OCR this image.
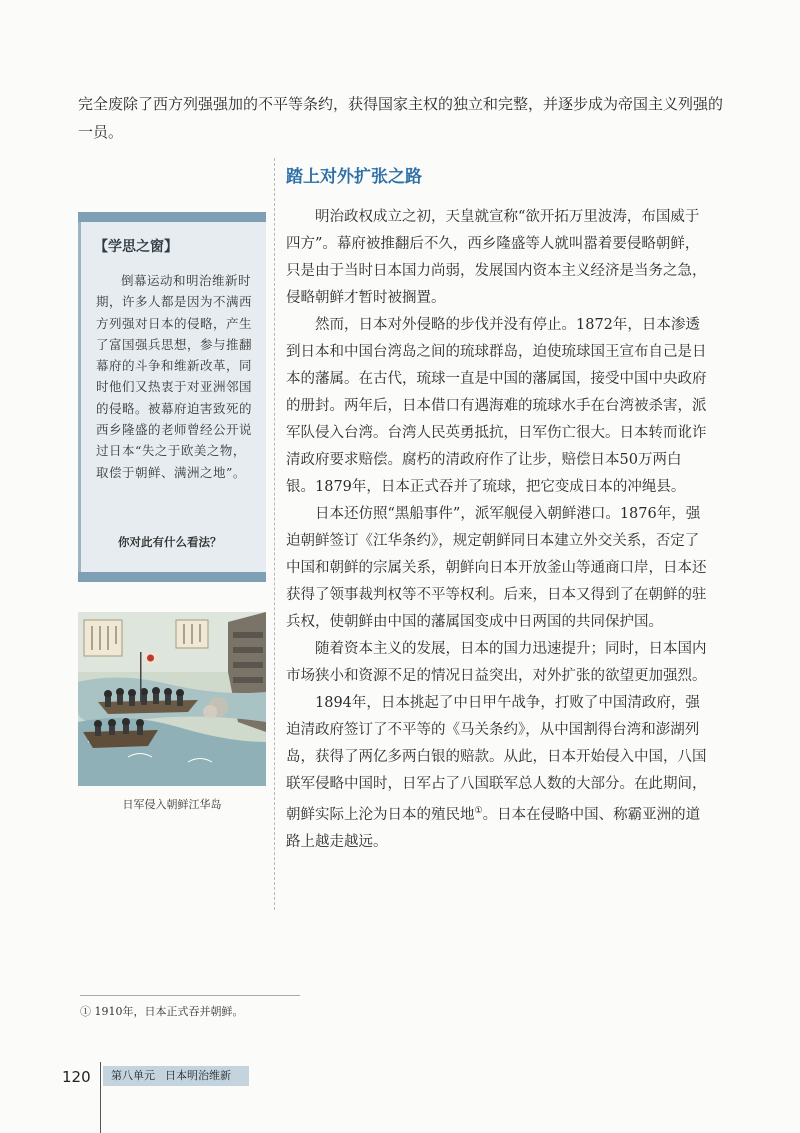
完全废除了西方列强强加的不平等条约，获得国家主权的独立和完整，并逐步成为帝国主义列强的一员。

踏上对外扩张之路

明治政权成立之初，天皇就宣称“欲开拓万里波涛，布国威于四方”。幕府被推翻后不久，西乡隆盛等人就叫嚣着要侵略朝鲜，只是由于当时日本国力尚弱，发展国内资本主义经济是当务之急，侵略朝鲜才暂时被搁置。

然而，日本对外侵略的步伐并没有停止。1872年，日本渗透到日本和中国台湾岛之间的琉球群岛，迫使琉球国王宣布自己是日本的藩属。在古代，琉球一直是中国的藩属国，接受中国中央政府的册封。两年后，日本借口有遇海难的琉球水手在台湾被杀害，派军队侵入台湾。台湾人民英勇抵抗，日军伤亡很大。日本转而讹诈清政府要求赔偿。腐朽的清政府作了让步，赔偿日本50万两白银。1879年，日本正式吞并了琉球，把它变成日本的冲绳县。

日本还仿照“黑船事件”，派军舰侵入朝鲜港口。1876年，强迫朝鲜签订《江华条约》，规定朝鲜同日本建立外交关系，否定了中国和朝鲜的宗属关系，朝鲜向日本开放釜山等通商口岸，日本还获得了领事裁判权等不平等权利。后来，日本又得到了在朝鲜的驻兵权，使朝鲜由中国的藩属国变成中日两国的共同保护国。

随着资本主义的发展，日本的国力迅速提升；同时，日本国内市场狭小和资源不足的情况日益突出，对外扩张的欲望更加强烈。

1894年，日本挑起了中日甲午战争，打败了中国清政府，强迫清政府签订了不平等的《马关条约》，从中国割得台湾和澎湖列岛，获得了两亿多两白银的赔款。从此，日本开始侵入中国，八国联军侵略中国时，日军占了八国联军总人数的大部分。在此期间，朝鲜实际上沦为日本的殖民地①。日本在侵略中国、称霸亚洲的道路上越走越远。

【学思之窗】

倒幕运动和明治维新时期，许多人都是因为不满西方列强对日本的侵略，产生了富国强兵思想，参与推翻幕府的斗争和维新改革，同时他们又热衷于对亚洲邻国的侵略。被幕府迫害致死的西乡隆盛的老师曾经公开说过日本“失之于欧美之物，取偿于朝鲜、满洲之地”。

你对此有什么看法？

日军侵入朝鲜江华岛

① 1910年，日本正式吞并朝鲜。

120	第八单元 日本明治维新
